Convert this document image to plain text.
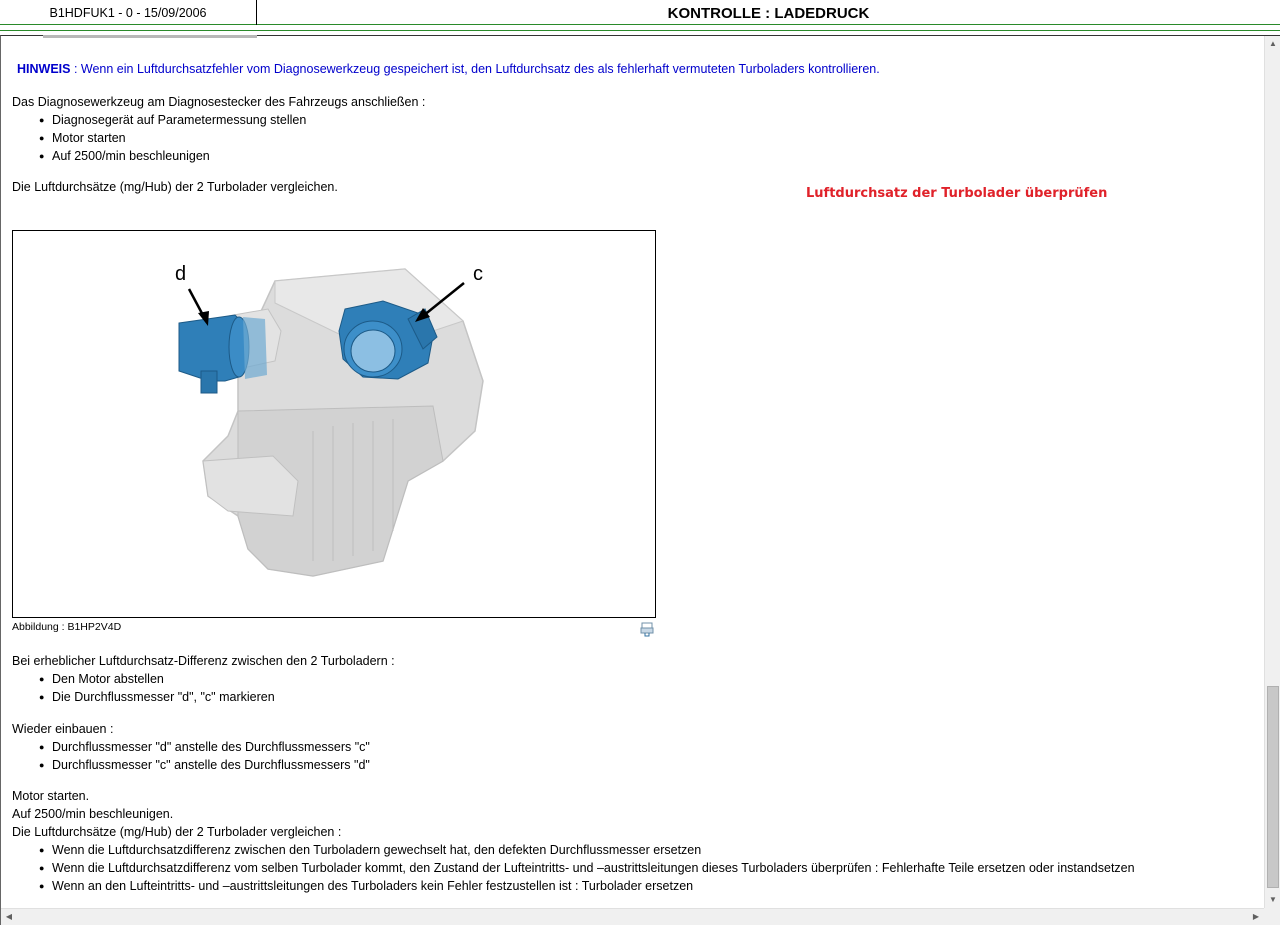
B1HDFUK1 - 0 - 15/09/2006	KONTROLLE : LADEDRUCK
HINWEIS : Wenn ein Luftdurchsatzfehler vom Diagnosewerkzeug gespeichert ist, den Luftdurchsatz des als fehlerhaft vermuteten Turboladers kontrollieren.
Das Diagnosewerkzeug am Diagnosestecker des Fahrzeugs anschließen :
● Diagnosegerät auf Parametermessung stellen
● Motor starten
● Auf 2500/min beschleunigen
Die Luftdurchsätze (mg/Hub) der 2 Turbolader vergleichen.	Luftdurchsatz der Turbolader überprüfen
Bei erheblicher Luftdurchsatz-Differenz zwischen den 2 Turboladern :
● Den Motor abstellen
● Die Durchflussmesser "d", "c" markieren
Wieder einbauen :
● Durchflussmesser "d" anstelle des Durchflussmessers "c"
● Durchflussmesser "c" anstelle des Durchflussmessers "d"
Motor starten.
Auf 2500/min beschleunigen.
Die Luftdurchsätze (mg/Hub) der 2 Turbolader vergleichen :
● Wenn die Luftdurchsatzdifferenz zwischen den Turboladern gewechselt hat, den defekten Durchflussmesser ersetzen
● Wenn die Luftdurchsatzdifferenz vom selben Turbolader kommt, den Zustand der Lufteintritts- und –austrittsleitungen dieses Turboladers überprüfen : Fehlerhafte Teile ersetzen oder instandsetzen
● Wenn an den Lufteintritts- und –austrittsleitungen des Turboladers kein Fehler festzustellen ist : Turbolader ersetzen
d	c
Abbildung : B1HP2V4D
▲
▼
◀	▶
